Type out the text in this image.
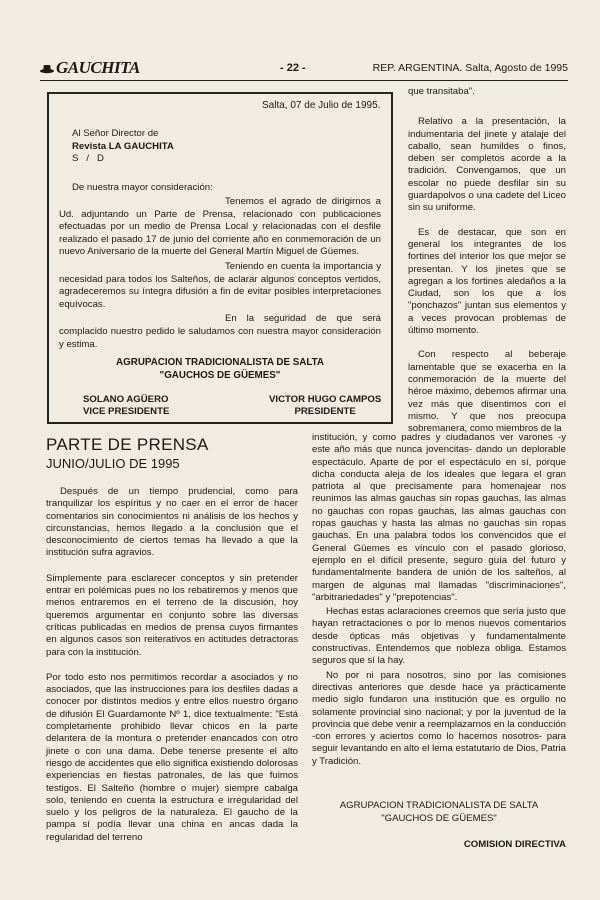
GAUCHITA	- 22 -	REP. ARGENTINA. Salta, Agosto de 1995
Salta, 07 de Julio de 1995.
Al Señor Director de
Revista LA GAUCHITA
S   /   D
De nuestra mayor consideración:

Tenemos el agrado de dirigirnos a Ud. adjuntando un Parte de Prensa, relacionado con publicaciones efectuadas por un medio de Prensa Local y relacionadas con el desfile realizado el pasado 17 de junio del corriente año en conmemoración de un nuevo Aniversario de la muerte del General Martín Miguel de Güemes.

Teniendo en cuenta la importancia y necesidad para todos los Salteños, de aclarar algunos conceptos vertidos, agradeceremos su íntegra difusión a fin de evitar posibles interpretaciones equívocas.

En la seguridad de que será complacido nuestro pedido le saludamos con nuestra mayor consideración y estima.

AGRUPACION TRADICIONALISTA DE SALTA
"GAUCHOS DE GÜEMES"
SOLANO AGÜERO
VICE PRESIDENTE
VICTOR HUGO CAMPOS
PRESIDENTE
PARTE DE PRENSA
JUNIO/JULIO DE 1995

Después de un tiempo prudencial, como para tranquilizar los espíritus y no caer en el error de hacer comentarios sin conocimientos ni análisis de los hechos y circunstancias, hemos llegado a la conclusión que el desconocimiento de ciertos temas ha llevado a que la institución sufra agravios.

Simplemente para esclarecer conceptos y sin pretender entrar en polémicas pues no los rebatiremos y menos que menos entraremos en el terreno de la discusión, hoy queremos argumentar en conjunto sobre las diversas críticas publicadas en medios de prensa cuyos firmantes en algunos casos son reiterativos en actitudes detractoras para con la institución.

Por todo esto nos permitimos recordar a asociados y no asociados, que las instrucciones para los desfiles dadas a conocer por distintos medios y entre ellos nuestro órgano de difusión El Guardamonte Nº 1, dice textualmente: "Está completamente prohibido llevar chicos en la parte delantera de la montura o pretender enancados con otro jinete o con una dama. Debe tenerse presente el alto riesgo de accidentes que ello significa existiendo dolorosas experiencias en fiestas patronales, de las que fuimos testigos. El Salteño (hombre o mujer) siempre cabalga solo, teniendo en cuenta la estructura e irregularidad del suelo y los peligros de la naturaleza. El gaucho de la pampa sí podía llevar una china en ancas dada la regularidad del terreno

que transitaba".

Relativo a la presentación, la indumentaria del jinete y atalaje del caballo, sean humildes o finos, deben ser completos acorde a la tradición. Convengamos, que un escolar no puede desfilar sin su guardapolvos o una cadete del Liceo sin su uniforme.

Es de destacar, que son en general los integrantes de los fortines del interior los que mejor se presentan. Y los jinetes que se agregan a los fortines aledaños a la Ciudad, son los que a los "ponchazos" juntan sus elementos y a veces provocan problemas de último momento.

Con respecto al beberaje lamentable que se exacerba en la conmemoración de la muerte del héroe máximo, debemos afirmar una vez más que disentimos con el mismo. Y que nos preocupa sobremanera, como miembros de la

institución, y como padres y ciudadanos ver varones -y este año más que nunca jovencitas- dando un deplorable espectáculo. Aparte de por el espectáculo en sí, porque dicha conducta aleja de los ideales que legara el gran patriota al que precisamente para homenajear nos reunimos las almas gauchas sin ropas gauchas, las almas no gauchas con ropas gauchas, las almas gauchas con ropas gauchas y hasta las almas no gauchas sin ropas gauchas. En una palabra todos los convencidos que el General Güemes es vínculo con el pasado glorioso, ejemplo en el difícil presente, seguro guía del futuro y fundamentalmente bandera de unión de los salteños, al margen de algunas mal llamadas "discriminaciones", "arbitrariedades" y "prepotencias".

Hechas estas aclaraciones creemos que sería justo que hayan retractaciones o por lo menos nuevos comentarios desde ópticas más objetivas y fundamentalmente constructivas. Entendemos que nobleza obliga. Estamos seguros que sí la hay.

No por ni para nosotros, sino por las comisiones directivas anteriores que desde hace ya prácticamente medio siglo fundaron una institución que es orgullo no solamente provincial sino nacional; y por la juventud de la provincia que debe venir a reemplazarnos en la conducción -con errores y aciertos como lo hacemos nosotros- para seguir levantando en alto el lema estatutario de Dios, Patria y Tradición.

AGRUPACION TRADICIONALISTA DE SALTA
"GAUCHOS DE GÜEMES"
COMISION DIRECTIVA
